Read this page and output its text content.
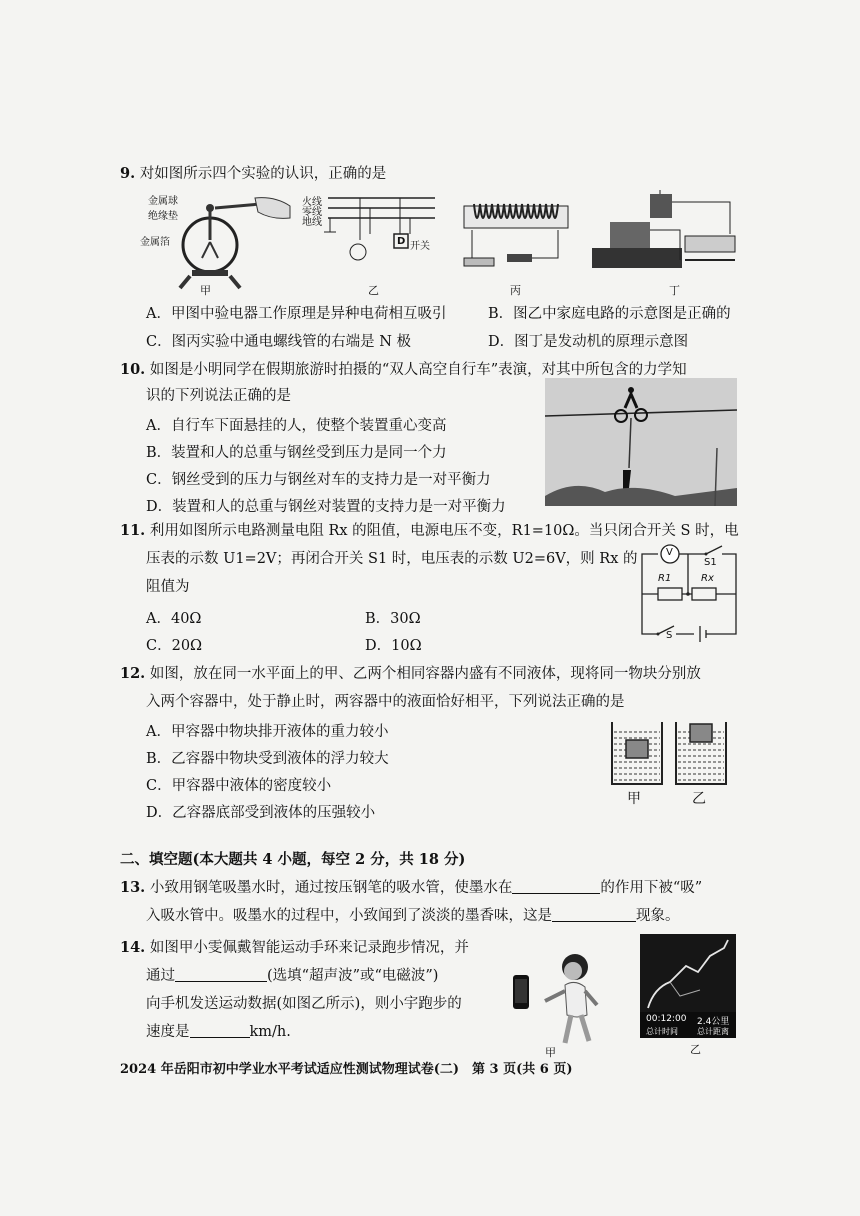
9. 对如图所示四个实验的认识，正确的是
金属球
绝缘垫
金属箔
火线
零线
地线
D 开关
甲	乙	丙	丁
A．甲图中验电器工作原理是异种电荷相互吸引	B．图乙中家庭电路的示意图是正确的
C．图丙实验中通电螺线管的右端是 N 极	D．图丁是发动机的原理示意图
10. 如图是小明同学在假期旅游时拍摄的“双人高空自行车”表演，对其中所包含的力学知
识的下列说法正确的是
A．自行车下面悬挂的人，使整个装置重心变高
B．装置和人的总重与钢丝受到压力是同一个力
C．钢丝受到的压力与钢丝对车的支持力是一对平衡力
D．装置和人的总重与钢丝对装置的支持力是一对平衡力
11. 利用如图所示电路测量电阻 Rx 的阻值，电源电压不变，R1=10Ω。当只闭合开关 S 时，电
压表的示数 U1=2V；再闭合开关 S1 时，电压表的示数 U2=6V，则 Rx 的
阻值为
A．40Ω	B．30Ω
C．20Ω	D．10Ω
V
S1
R1	Rx
S
12. 如图，放在同一水平面上的甲、乙两个相同容器内盛有不同液体，现将同一物块分别放
入两个容器中，处于静止时，两容器中的液面恰好相平，下列说法正确的是
A．甲容器中物块排开液体的重力较小
B．乙容器中物块受到液体的浮力较大
C．甲容器中液体的密度较小
D．乙容器底部受到液体的压强较小
甲	乙
二、填空题(本大题共 4 小题，每空 2 分，共 18 分)
13. 小致用钢笔吸墨水时，通过按压钢笔的吸水管，使墨水在	的作用下被“吸”
入吸水管中。吸墨水的过程中，小致闻到了淡淡的墨香味，这是	现象。
14. 如图甲小雯佩戴智能运动手环来记录跑步情况，并
通过	(选填“超声波”或“电磁波”)
向手机发送运动数据(如图乙所示)，则小宇跑步的
速度是	km/h.
甲
00:12:00 2.4公里
总计时间 总计距离
乙
2024 年岳阳市初中学业水平考试适应性测试物理试卷(二)　第 3 页(共 6 页)
